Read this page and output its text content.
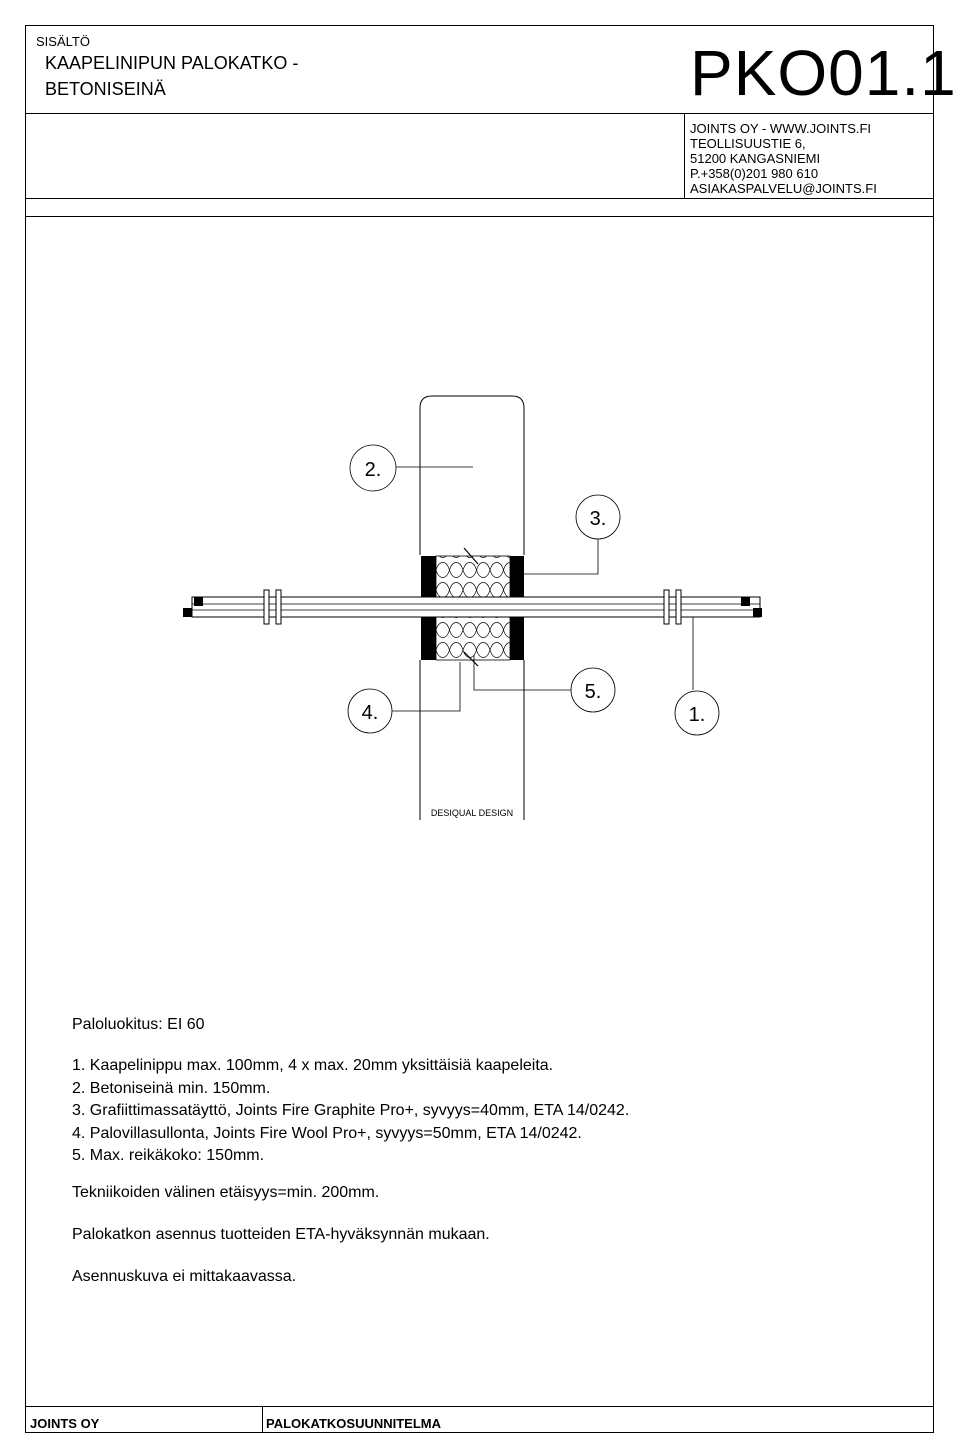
SISÄLTÖ
KAAPELINIPUN PALOKATKO -
BETONISEINÄ	PKO01.1
JOINTS OY - WWW.JOINTS.FI
TEOLLISUUSTIE 6,
51200 KANGASNIEMI
P.+358(0)201 980 610
ASIAKASPALVELU@JOINTS.FI
2.
3.
4.
5.
1.
DESIQUAL DESIGN
Paloluokitus: EI 60
1. Kaapelinippu max. 100mm, 4 x max. 20mm yksittäisiä kaapeleita.
2. Betoniseinä min. 150mm.
3. Grafiittimassatäyttö, Joints Fire Graphite Pro+, syvyys=40mm, ETA 14/0242.
4. Palovillasullonta, Joints Fire Wool Pro+, syvyys=50mm, ETA 14/0242.
5. Max. reikäkoko: 150mm.
Tekniikoiden välinen etäisyys=min. 200mm.
Palokatkon asennus tuotteiden ETA-hyväksynnän mukaan.
Asennuskuva ei mittakaavassa.
JOINTS OY	PALOKATKOSUUNNITELMA
